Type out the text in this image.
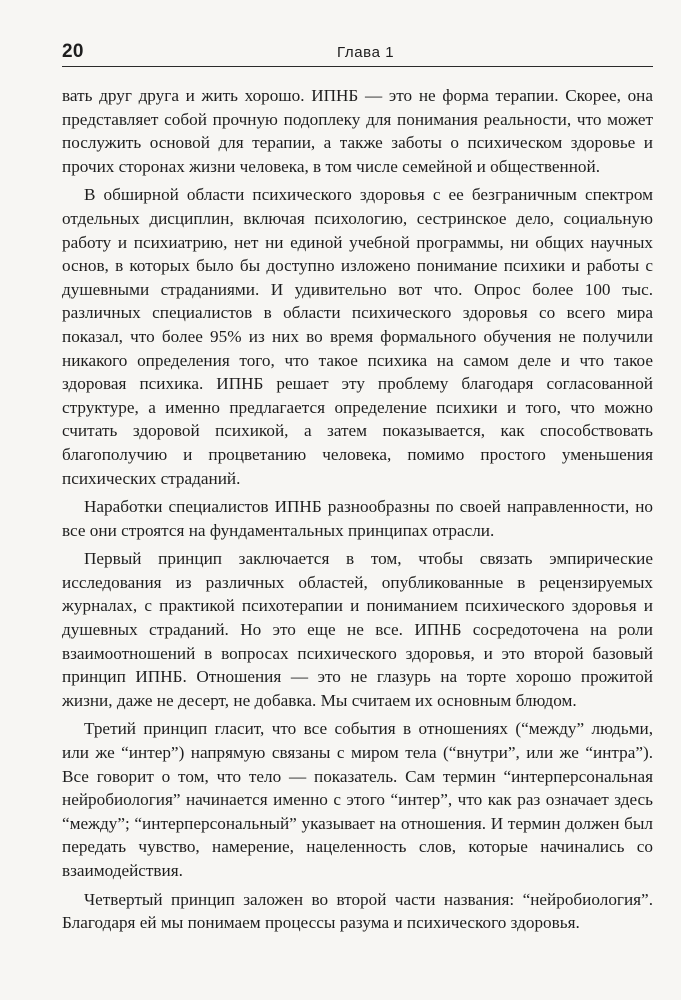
20	Глава 1

вать друг друга и жить хорошо. ИПНБ — это не форма терапии. Скорее, она представляет собой прочную подоплеку для понимания реальности, что может послужить основой для терапии, а также заботы о психическом здоровье и прочих сторонах жизни человека, в том числе семейной и общественной.

В обширной области психического здоровья с ее безграничным спектром отдельных дисциплин, включая психологию, сестринское дело, социальную работу и психиатрию, нет ни единой учебной программы, ни общих научных основ, в которых было бы доступно изложено понимание психики и работы с душевными страданиями. И удивительно вот что. Опрос более 100 тыс. различных специалистов в области психического здоровья со всего мира показал, что более 95% из них во время формального обучения не получили никакого определения того, что такое психика на самом деле и что такое здоровая психика. ИПНБ решает эту проблему благодаря согласованной структуре, а именно предлагается определение психики и того, что можно считать здоровой психикой, а затем показывается, как способствовать благополучию и процветанию человека, помимо простого уменьшения психических страданий.

Наработки специалистов ИПНБ разнообразны по своей направленности, но все они строятся на фундаментальных принципах отрасли.

Первый принцип заключается в том, чтобы связать эмпирические исследования из различных областей, опубликованные в рецензируемых журналах, с практикой психотерапии и пониманием психического здоровья и душевных страданий. Но это еще не все. ИПНБ сосредоточена на роли взаимоотношений в вопросах психического здоровья, и это второй базовый принцип ИПНБ. Отношения — это не глазурь на торте хорошо прожитой жизни, даже не десерт, не добавка. Мы считаем их основным блюдом.

Третий принцип гласит, что все события в отношениях (“между” людьми, или же “интер”) напрямую связаны с миром тела (“внутри”, или же “интра”). Все говорит о том, что тело — показатель. Сам термин “интерперсональная нейробиология” начинается именно с этого “интер”, что как раз означает здесь “между”; “интерперсональный” указывает на отношения. И термин должен был передать чувство, намерение, нацеленность слов, которые начинались со взаимодействия.

Четвертый принцип заложен во второй части названия: “нейробиология”. Благодаря ей мы понимаем процессы разума и психического здоровья.
